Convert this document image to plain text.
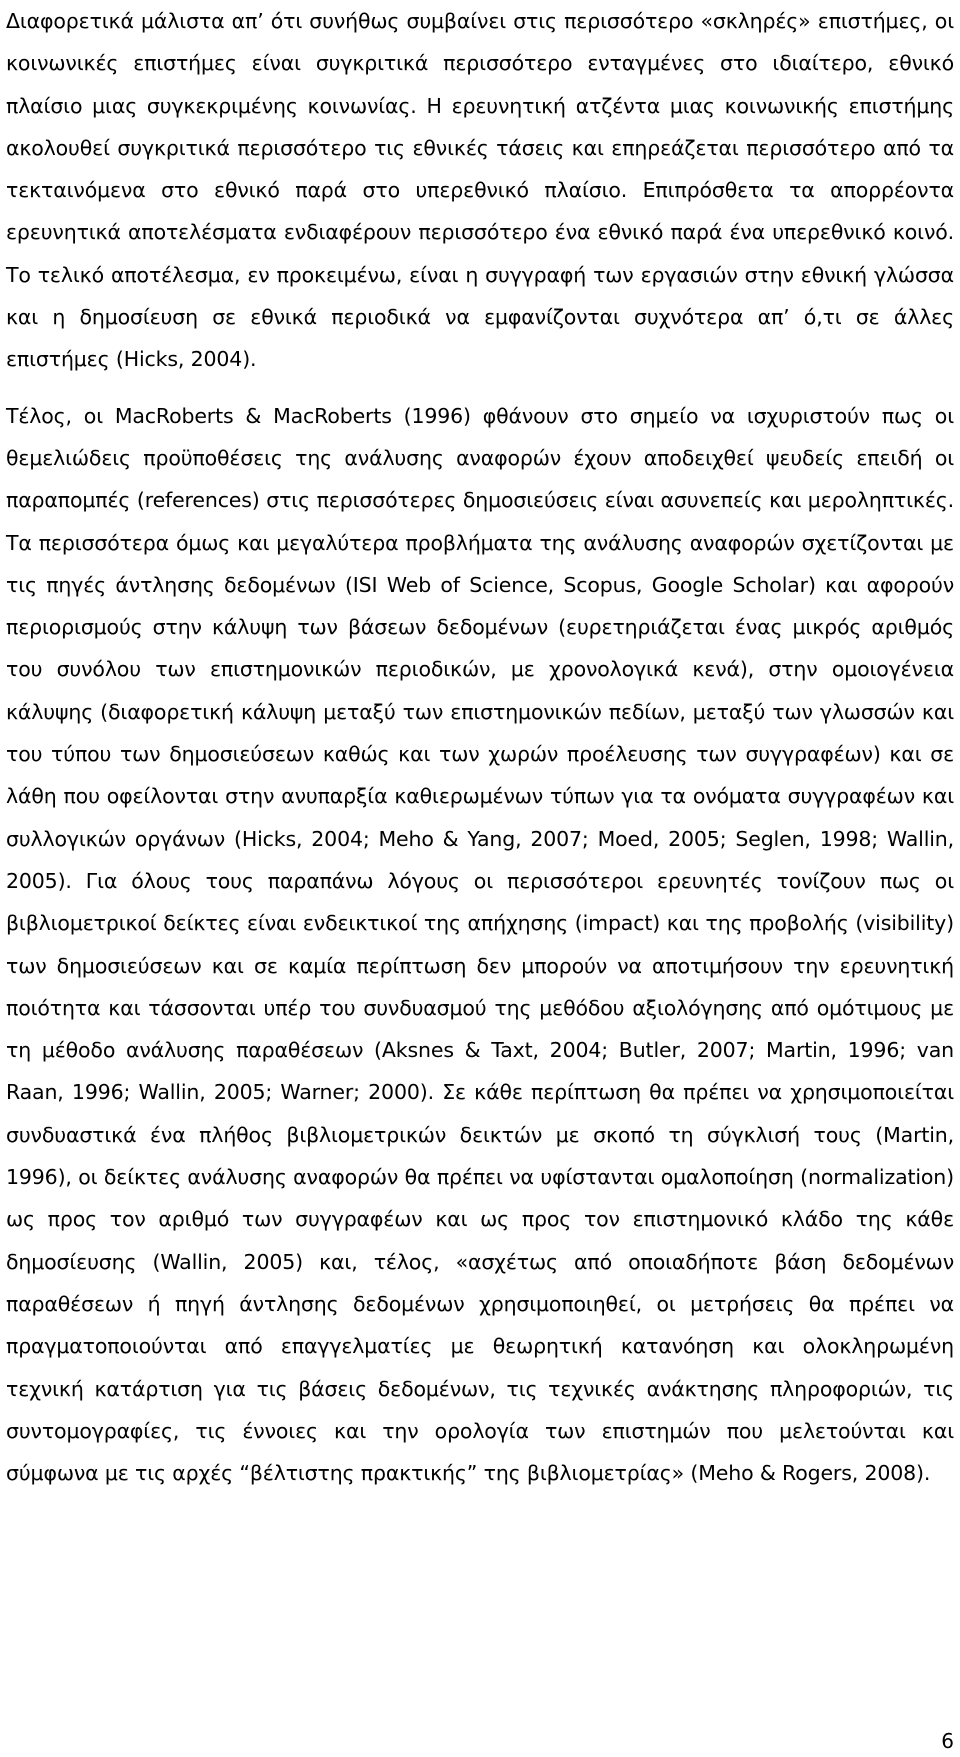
Διαφορετικά μάλιστα απ’ ότι συνήθως συμβαίνει στις περισσότερο «σκληρές» επιστήμες, οι κοινωνικές επιστήμες είναι συγκριτικά περισσότερο ενταγμένες στο ιδιαίτερο, εθνικό πλαίσιο μιας συγκεκριμένης κοινωνίας. Η ερευνητική ατζέντα μιας κοινωνικής επιστήμης ακολουθεί συγκριτικά περισσότερο τις εθνικές τάσεις και επηρεάζεται περισσότερο από τα τεκταινόμενα στο εθνικό παρά στο υπερεθνικό πλαίσιο. Επιπρόσθετα τα απορρέοντα ερευνητικά αποτελέσματα ενδιαφέρουν περισσότερο ένα εθνικό παρά ένα υπερεθνικό κοινό. Το τελικό αποτέλεσμα, εν προκειμένω, είναι η συγγραφή των εργασιών στην εθνική γλώσσα και η δημοσίευση σε εθνικά περιοδικά να εμφανίζονται συχνότερα απ’ ό,τι σε άλλες επιστήμες (Hicks, 2004).

Τέλος, οι MacRoberts & MacRoberts (1996) φθάνουν στο σημείο να ισχυριστούν πως οι θεμελιώδεις προϋποθέσεις της ανάλυσης αναφορών έχουν αποδειχθεί ψευδείς επειδή οι παραπομπές (references) στις περισσότερες δημοσιεύσεις είναι ασυνεπείς και μεροληπτικές. Τα περισσότερα όμως και μεγαλύτερα προβλήματα της ανάλυσης αναφορών σχετίζονται με τις πηγές άντλησης δεδομένων (ISI Web of Science, Scopus, Google Scholar) και αφορούν περιορισμούς στην κάλυψη των βάσεων δεδομένων (ευρετηριάζεται ένας μικρός αριθμός του συνόλου των επιστημονικών περιοδικών, με χρονολογικά κενά), στην ομοιογένεια κάλυψης (διαφορετική κάλυψη μεταξύ των επιστημονικών πεδίων, μεταξύ των γλωσσών και του τύπου των δημοσιεύσεων καθώς και των χωρών προέλευσης των συγγραφέων) και σε λάθη που οφείλονται στην ανυπαρξία καθιερωμένων τύπων για τα ονόματα συγγραφέων και συλλογικών οργάνων (Hicks, 2004; Meho & Yang, 2007; Moed, 2005; Seglen, 1998; Wallin, 2005). Για όλους τους παραπάνω λόγους οι περισσότεροι ερευνητές τονίζουν πως οι βιβλιομετρικοί δείκτες είναι ενδεικτικοί της απήχησης (impact) και της προβολής (visibility) των δημοσιεύσεων και σε καμία περίπτωση δεν μπορούν να αποτιμήσουν την ερευνητική ποιότητα και τάσσονται υπέρ του συνδυασμού της μεθόδου αξιολόγησης από ομότιμους με τη μέθοδο ανάλυσης παραθέσεων (Aksnes & Taxt, 2004; Butler, 2007; Martin, 1996; van Raan, 1996; Wallin, 2005; Warner; 2000). Σε κάθε περίπτωση θα πρέπει να χρησιμοποιείται συνδυαστικά ένα πλήθος βιβλιομετρικών δεικτών με σκοπό τη σύγκλισή τους (Martin, 1996), οι δείκτες ανάλυσης αναφορών θα πρέπει να υφίστανται ομαλοποίηση (normalization) ως προς τον αριθμό των συγγραφέων και ως προς τον επιστημονικό κλάδο της κάθε δημοσίευσης (Wallin, 2005) και, τέλος, «ασχέτως από οποιαδήποτε βάση δεδομένων παραθέσεων ή πηγή άντλησης δεδομένων χρησιμοποιηθεί, οι μετρήσεις θα πρέπει να πραγματοποιούνται από επαγγελματίες με θεωρητική κατανόηση και ολοκληρωμένη τεχνική κατάρτιση για τις βάσεις δεδομένων, τις τεχνικές ανάκτησης πληροφοριών, τις συντομογραφίες, τις έννοιες και την ορολογία των επιστημών που μελετούνται και σύμφωνα με τις αρχές “βέλτιστης πρακτικής” της βιβλιομετρίας» (Meho & Rogers, 2008).

6
